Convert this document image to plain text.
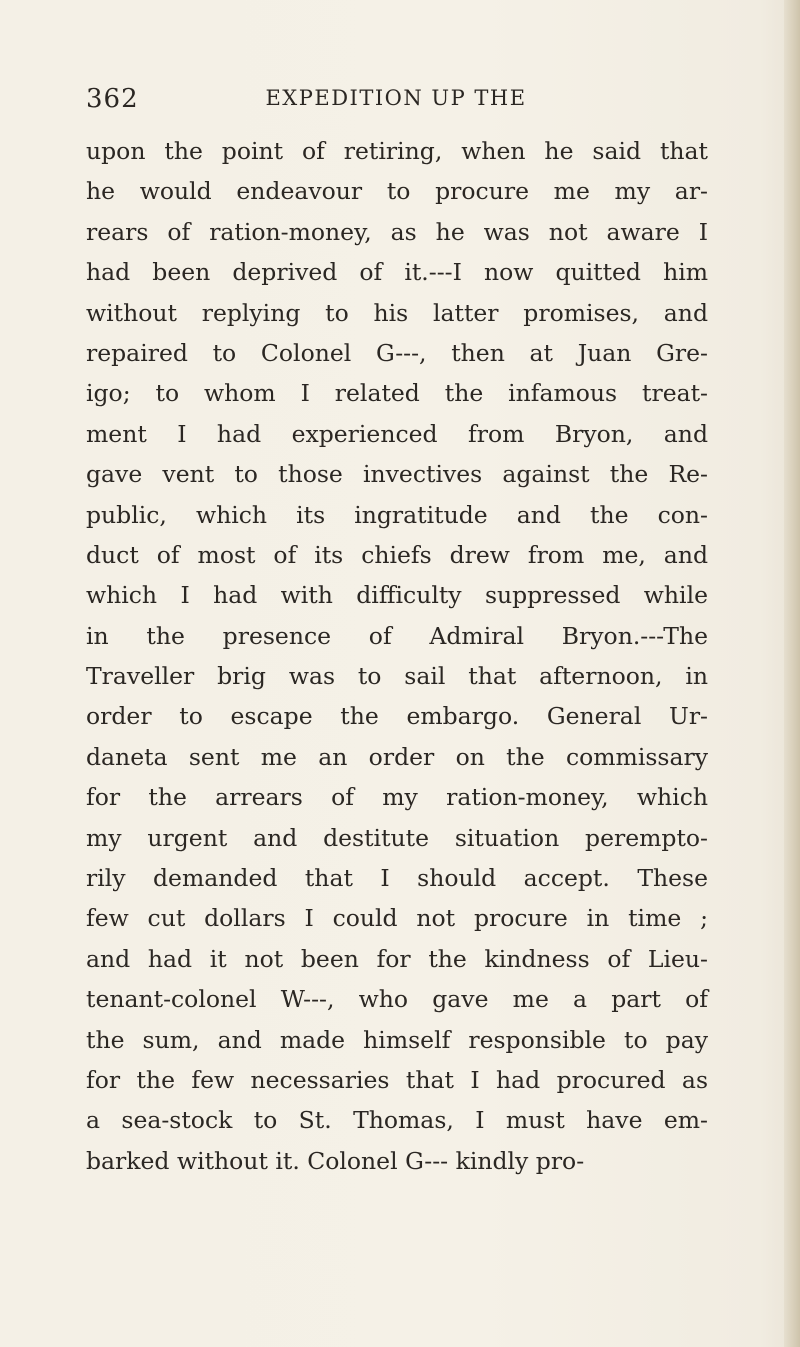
362	EXPEDITION UP THE
upon the point of retiring, when he said that
he would endeavour to procure me my ar-
rears of ration-money, as he was not aware I
had been deprived of it.---I now quitted him
without replying to his latter promises, and
repaired to Colonel G---, then at Juan Gre-
igo; to whom I related the infamous treat-
ment I had experienced from Bryon, and
gave vent to those invectives against the Re-
public, which its ingratitude and the con-
duct of most of its chiefs drew from me, and
which I had with difficulty suppressed while
in the presence of Admiral Bryon.---The
Traveller brig was to sail that afternoon, in
order to escape the embargo. General Ur-
daneta sent me an order on the commissary
for the arrears of my ration-money, which
my urgent and destitute situation perempto-
rily demanded that I should accept. These
few cut dollars I could not procure in time ;
and had it not been for the kindness of Lieu-
tenant-colonel W---, who gave me a part of
the sum, and made himself responsible to pay
for the few necessaries that I had procured as
a sea-stock to St. Thomas, I must have em-
barked without it. Colonel G--- kindly pro-
